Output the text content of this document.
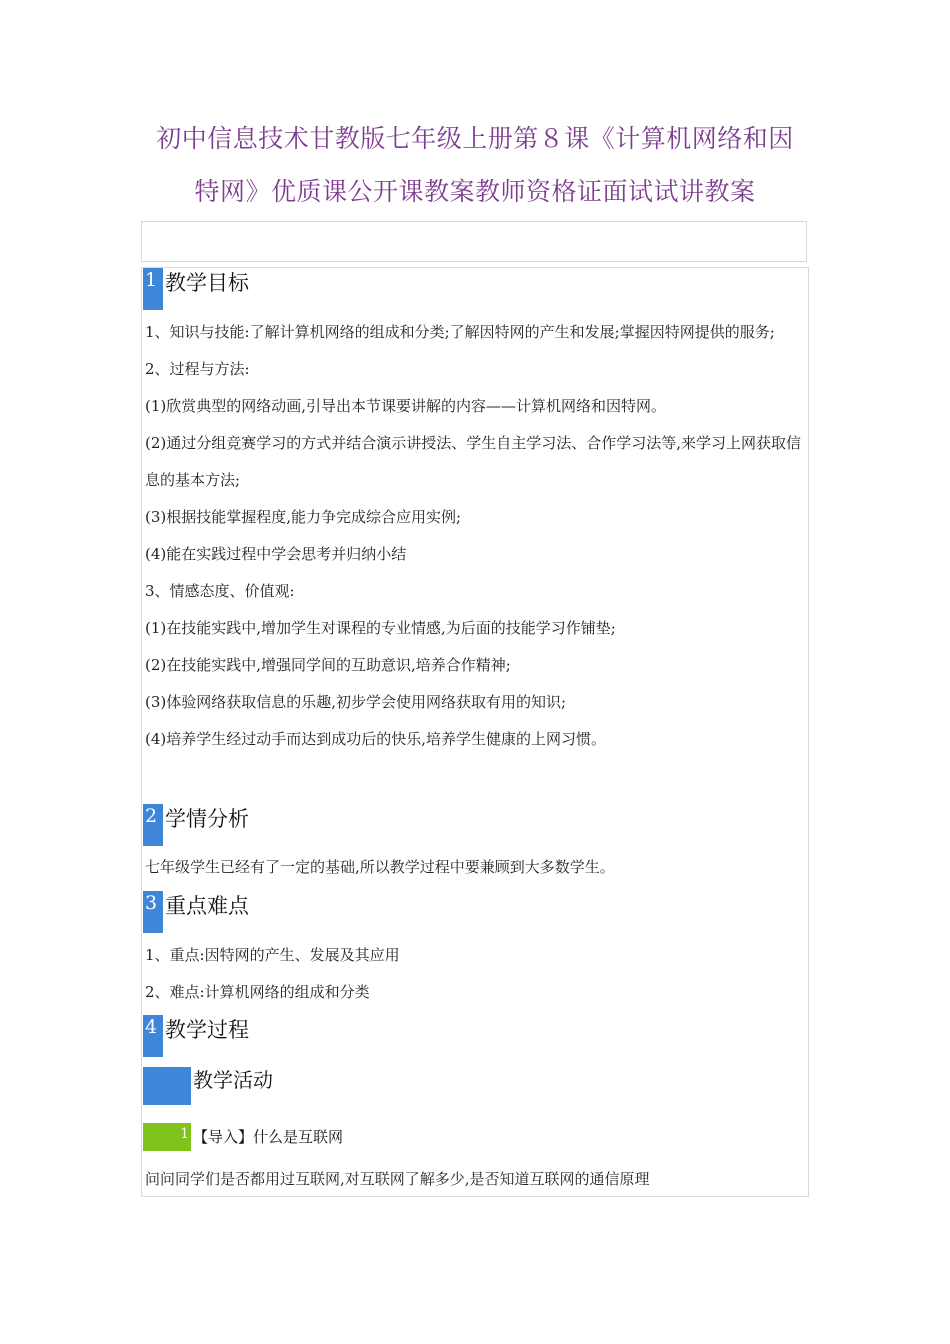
初中信息技术甘教版七年级上册第８课《计算机网络和因
特网》优质课公开课教案教师资格证面试试讲教案
1 教学目标

1、知识与技能:了解计算机网络的组成和分类;了解因特网的产生和发展;掌握因特网提供的服务;

2、过程与方法:

(1)欣赏典型的网络动画,引导出本节课要讲解的内容——计算机网络和因特网。

(2)通过分组竞赛学习的方式并结合演示讲授法、学生自主学习法、合作学习法等,来学习上网获取信息的基本方法;

(3)根据技能掌握程度,能力争完成综合应用实例;

(4)能在实践过程中学会思考并归纳小结

3、情感态度、价值观:

(1)在技能实践中,增加学生对课程的专业情感,为后面的技能学习作铺垫;

(2)在技能实践中,增强同学间的互助意识,培养合作精神;

(3)体验网络获取信息的乐趣,初步学会使用网络获取有用的知识;

(4)培养学生经过动手而达到成功后的快乐,培养学生健康的上网习惯。

2 学情分析

七年级学生已经有了一定的基础,所以教学过程中要兼顾到大多数学生。

3 重点难点

1、重点:因特网的产生、发展及其应用

2、难点:计算机网络的组成和分类

4 教学过程
教学活动
1 【导入】什么是互联网

问问同学们是否都用过互联网,对互联网了解多少,是否知道互联网的通信原理
